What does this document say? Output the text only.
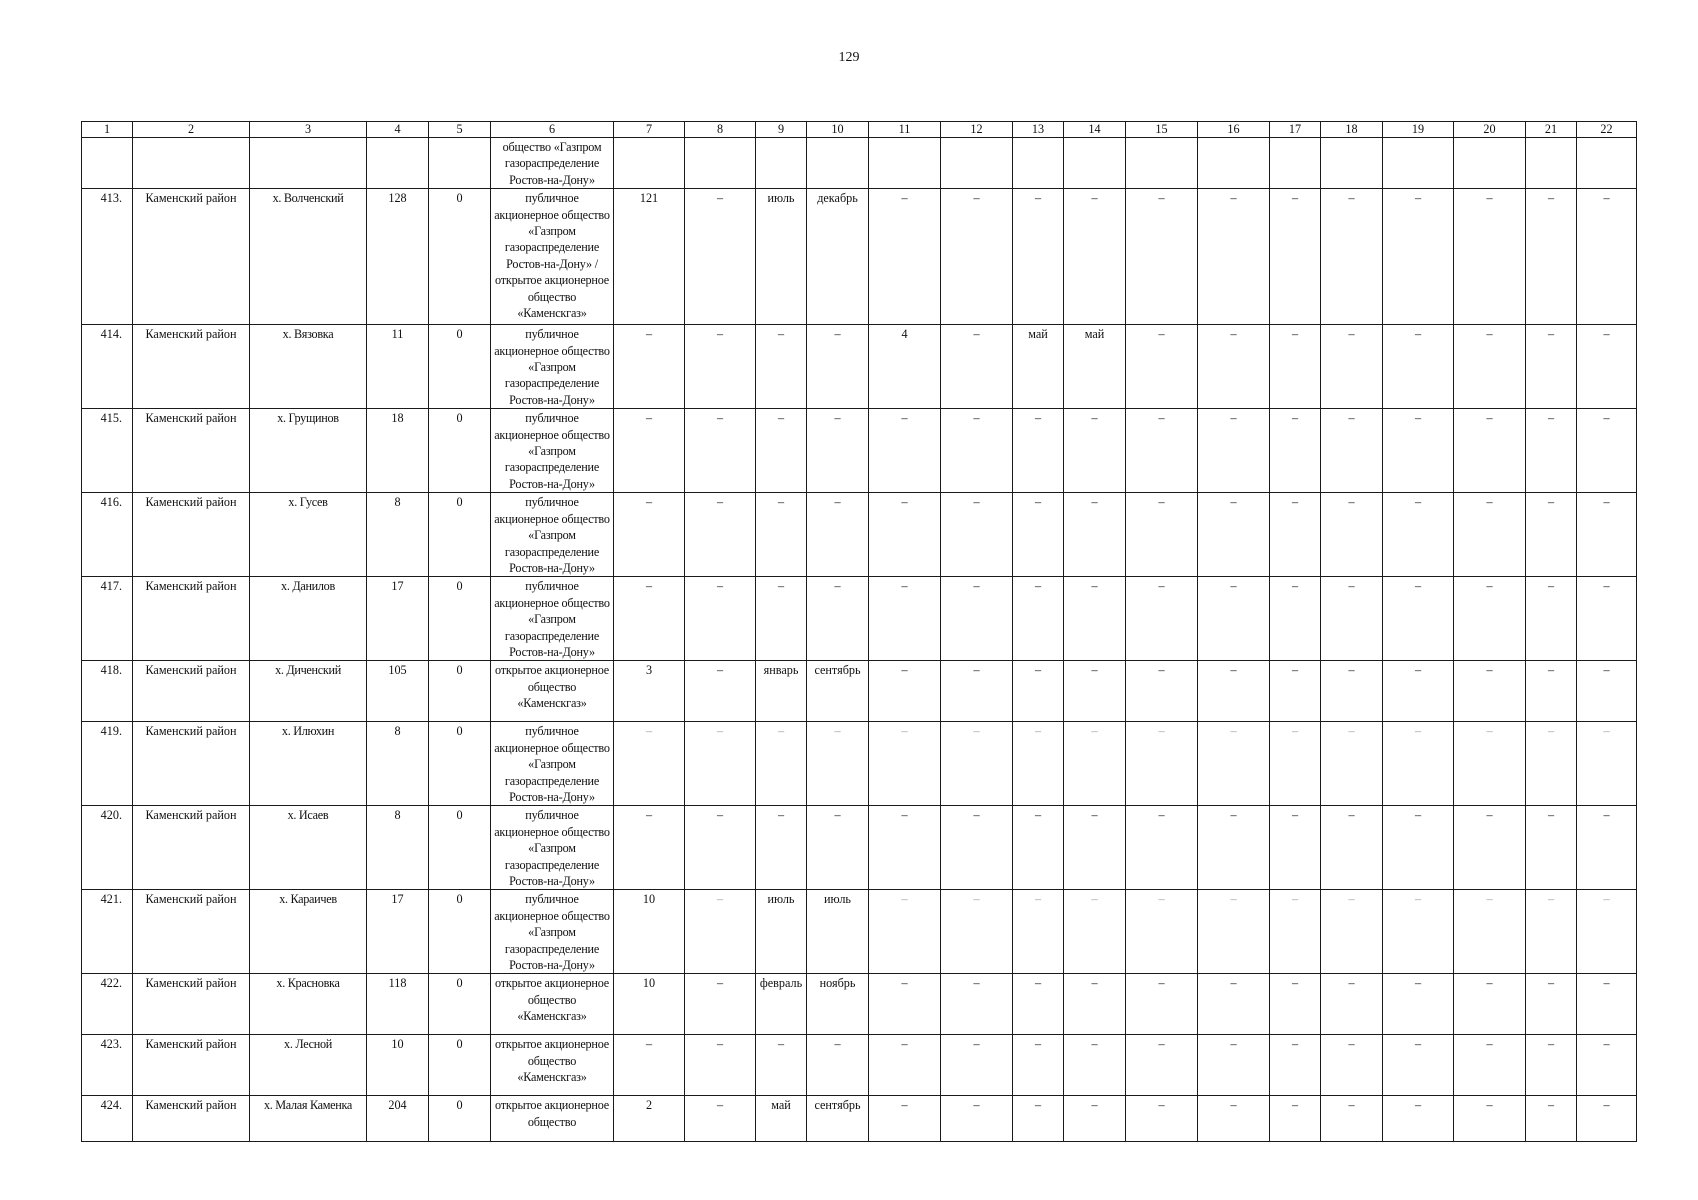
129
1	2	3	4	5	6	7	8	9	10	11	12	13	14	15	16	17	18	19	20	21	22
					общество «Газпром газораспределение Ростов-на-Дону»																
413.	Каменский район	х. Волченский	128	0	публичное акционерное общество «Газпром газораспределение Ростов-на-Дону» / открытое акционерное общество «Каменскгаз»	121	–	июль	декабрь	–	–	–	–	–	–	–	–	–	–	–	–
414.	Каменский район	х. Вязовка	11	0	публичное акционерное общество «Газпром газораспределение Ростов-на-Дону»	–	–	–	–	4	–	май	май	–	–	–	–	–	–	–	–
415.	Каменский район	х. Грущинов	18	0	публичное акционерное общество «Газпром газораспределение Ростов-на-Дону»	–	–	–	–	–	–	–	–	–	–	–	–	–	–	–	–
416.	Каменский район	х. Гусев	8	0	публичное акционерное общество «Газпром газораспределение Ростов-на-Дону»	–	–	–	–	–	–	–	–	–	–	–	–	–	–	–	–
417.	Каменский район	х. Данилов	17	0	публичное акционерное общество «Газпром газораспределение Ростов-на-Дону»	–	–	–	–	–	–	–	–	–	–	–	–	–	–	–	–
418.	Каменский район	х. Диченский	105	0	открытое акционерное общество «Каменскгаз»	3	–	январь	сентябрь	–	–	–	–	–	–	–	–	–	–	–	–
419.	Каменский район	х. Илюхин	8	0	публичное акционерное общество «Газпром газораспределение Ростов-на-Дону»	–	–	–	–	–	–	–	–	–	–	–	–	–	–	–	–
420.	Каменский район	х. Исаев	8	0	публичное акционерное общество «Газпром газораспределение Ростов-на-Дону»	–	–	–	–	–	–	–	–	–	–	–	–	–	–	–	–
421.	Каменский район	х. Караичев	17	0	публичное акционерное общество «Газпром газораспределение Ростов-на-Дону»	10	–	июль	июль	–	–	–	–	–	–	–	–	–	–	–	–
422.	Каменский район	х. Красновка	118	0	открытое акционерное общество «Каменскгаз»	10	–	февраль	ноябрь	–	–	–	–	–	–	–	–	–	–	–	–
423.	Каменский район	х. Лесной	10	0	открытое акционерное общество «Каменскгаз»	–	–	–	–	–	–	–	–	–	–	–	–	–	–	–	–
424.	Каменский район	х. Малая Каменка	204	0	открытое акционерное общество	2	–	май	сентябрь	–	–	–	–	–	–	–	–	–	–	–	–
